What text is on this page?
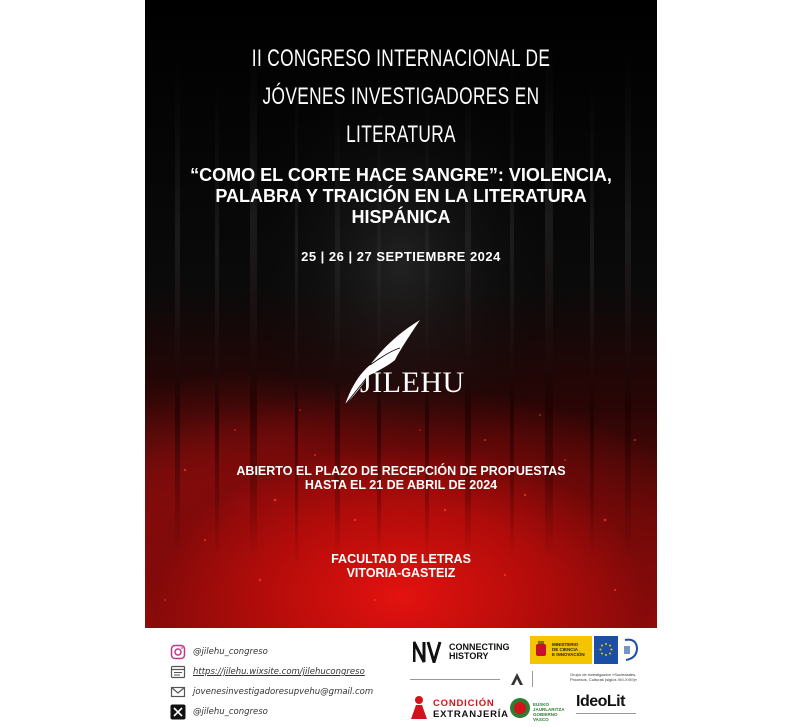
II CONGRESO INTERNACIONAL DE JÓVENES INVESTIGADORES EN LITERATURA
“COMO EL CORTE HACE SANGRE”: VIOLENCIA, PALABRA Y TRAICIÓN EN LA LITERATURA HISPÁNICA
25 | 26 | 27 SEPTIEMBRE 2024
JILEHU
ABIERTO EL PLAZO DE RECEPCIÓN DE PROPUESTAS
HASTA EL 21 DE ABRIL DE 2024
FACULTAD DE LETRAS
VITORIA-GASTEIZ
@jilehu_congreso
https://jilehu.wixsite.com/jilehucongreso
jovenesinvestigadoresupvehu@gmail.com
@jilehu_congreso
CONNECTING
HISTORY
MINISTERIO
DE CIENCIA
E INNOVACIÓN
Grupo de investigación «Sociedades, Procesos, Culturas (siglos XIII-XVIII)»
CONDICIÓN
EXTRANJERÍA
EUSKO JAURLARITZA
GOBIERNO VASCO
IdeoLit
